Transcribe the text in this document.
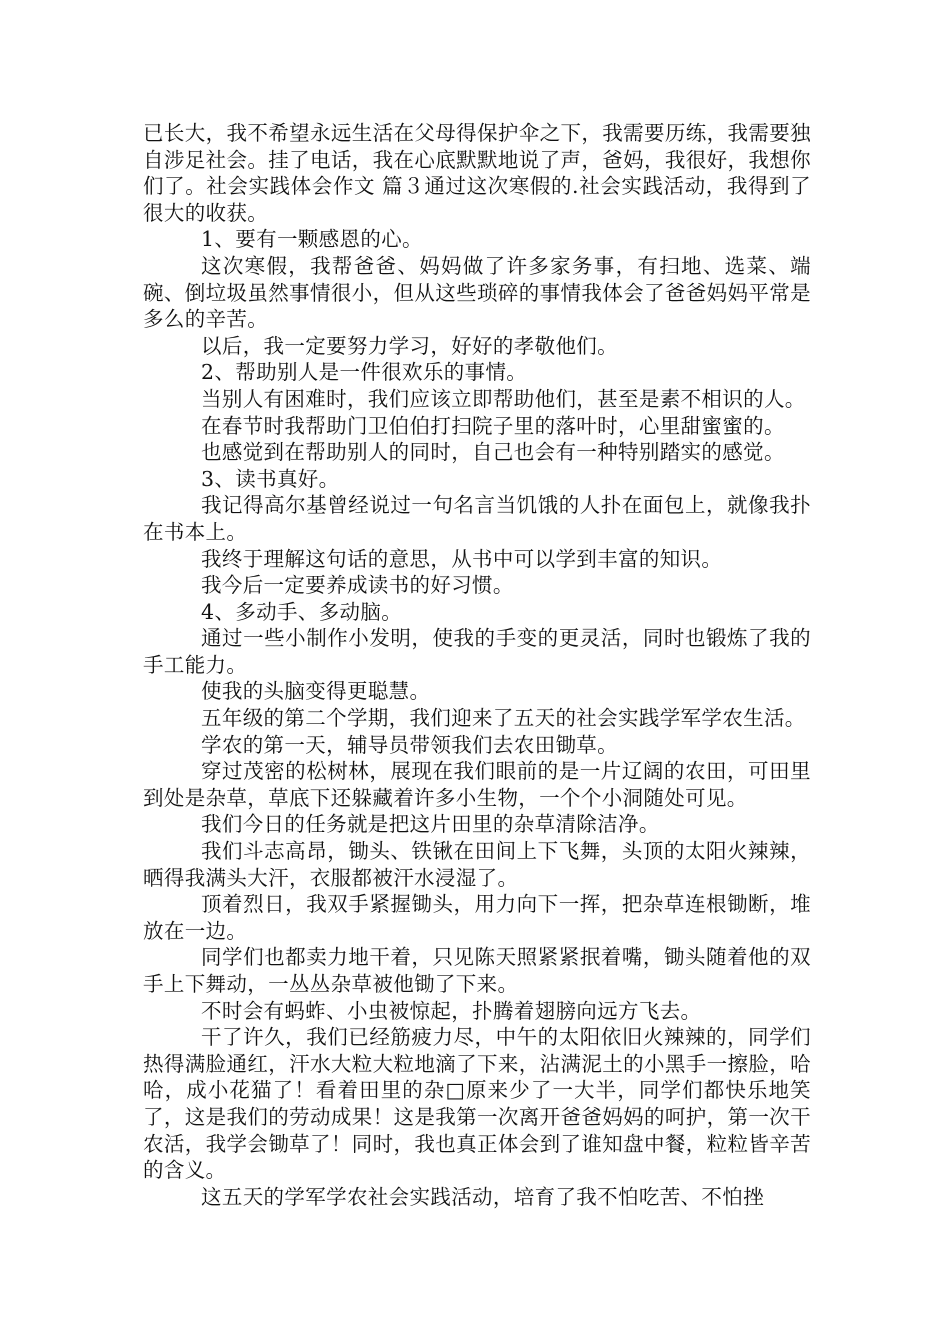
已长大，我不希望永远生活在父母得保护伞之下，我需要历练，我需要独自涉足社会。挂了电话，我在心底默默地说了声，爸妈，我很好，我想你们了。社会实践体会作文 篇３通过这次寒假的.社会实践活动，我得到了很大的收获。

1、要有一颗感恩的心。

这次寒假，我帮爸爸、妈妈做了许多家务事，有扫地、选菜、端碗、倒垃圾虽然事情很小，但从这些琐碎的事情我体会了爸爸妈妈平常是多么的辛苦。

以后，我一定要努力学习，好好的孝敬他们。

2、帮助别人是一件很欢乐的事情。

当别人有困难时，我们应该立即帮助他们，甚至是素不相识的人。

在春节时我帮助门卫伯伯打扫院子里的落叶时，心里甜蜜蜜的。

也感觉到在帮助别人的同时，自己也会有一种特别踏实的感觉。

3、读书真好。

我记得高尔基曾经说过一句名言当饥饿的人扑在面包上，就像我扑在书本上。

我终于理解这句话的意思，从书中可以学到丰富的知识。

我今后一定要养成读书的好习惯。

4、多动手、多动脑。

通过一些小制作小发明，使我的手变的更灵活，同时也锻炼了我的手工能力。

使我的头脑变得更聪慧。

五年级的第二个学期，我们迎来了五天的社会实践学军学农生活。

学农的第一天，辅导员带领我们去农田锄草。

穿过茂密的松树林，展现在我们眼前的是一片辽阔的农田，可田里到处是杂草，草底下还躲藏着许多小生物，一个个小洞随处可见。

我们今日的任务就是把这片田里的杂草清除洁净。

我们斗志高昂，锄头、铁锹在田间上下飞舞，头顶的太阳火辣辣，晒得我满头大汗，衣服都被汗水浸湿了。

顶着烈日，我双手紧握锄头，用力向下一挥，把杂草连根锄断，堆放在一边。

同学们也都卖力地干着，只见陈天照紧紧抿着嘴，锄头随着他的双手上下舞动，一丛丛杂草被他锄了下来。

不时会有蚂蚱、小虫被惊起，扑腾着翅膀向远方飞去。

干了许久，我们已经筋疲力尽，中午的太阳依旧火辣辣的，同学们热得满脸通红，汗水大粒大粒地滴了下来，沾满泥土的小黑手一擦脸，哈哈，成小花猫了！看着田里的杂□原来少了一大半，同学们都快乐地笑了，这是我们的劳动成果！这是我第一次离开爸爸妈妈的呵护，第一次干农活，我学会锄草了！同时，我也真正体会到了谁知盘中餐，粒粒皆辛苦的含义。

这五天的学军学农社会实践活动，培育了我不怕吃苦、不怕挫
